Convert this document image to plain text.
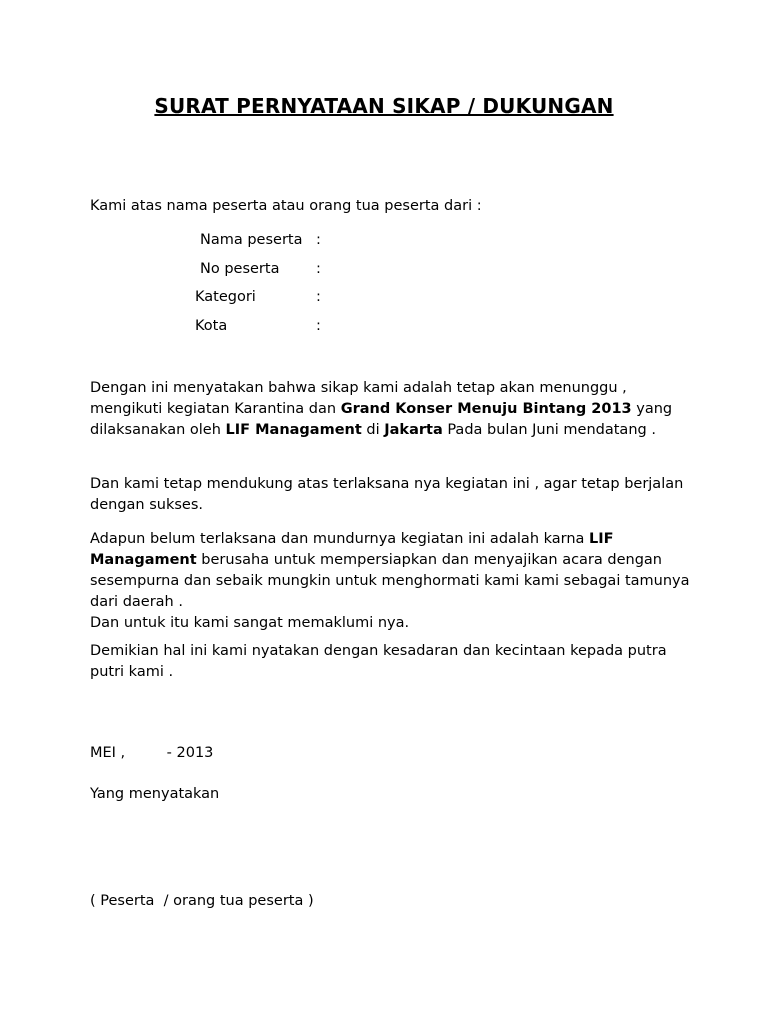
SURAT PERNYATAAN SIKAP / DUKUNGAN
Kami atas nama peserta atau orang tua peserta dari :
Nama peserta :
No peserta	:
Kategori	:
Kota	:
Dengan ini menyatakan bahwa sikap kami adalah tetap akan menunggu , mengikuti kegiatan Karantina dan Grand Konser Menuju Bintang 2013 yang dilaksanakan oleh LIF Managament di Jakarta Pada bulan Juni mendatang .
Dan kami tetap mendukung atas terlaksana nya kegiatan ini , agar tetap berjalan dengan sukses.
Adapun belum terlaksana dan mundurnya kegiatan ini adalah karna LIF Managament berusaha untuk mempersiapkan dan menyajikan acara dengan sesempurna dan sebaik mungkin untuk menghormati kami kami sebagai tamunya dari daerah .
Dan untuk itu kami sangat memaklumi nya.
Demikian hal ini kami nyatakan dengan kesadaran dan kecintaan kepada putra putri kami .
MEI ,         - 2013
Yang menyatakan
( Peserta  / orang tua peserta )
